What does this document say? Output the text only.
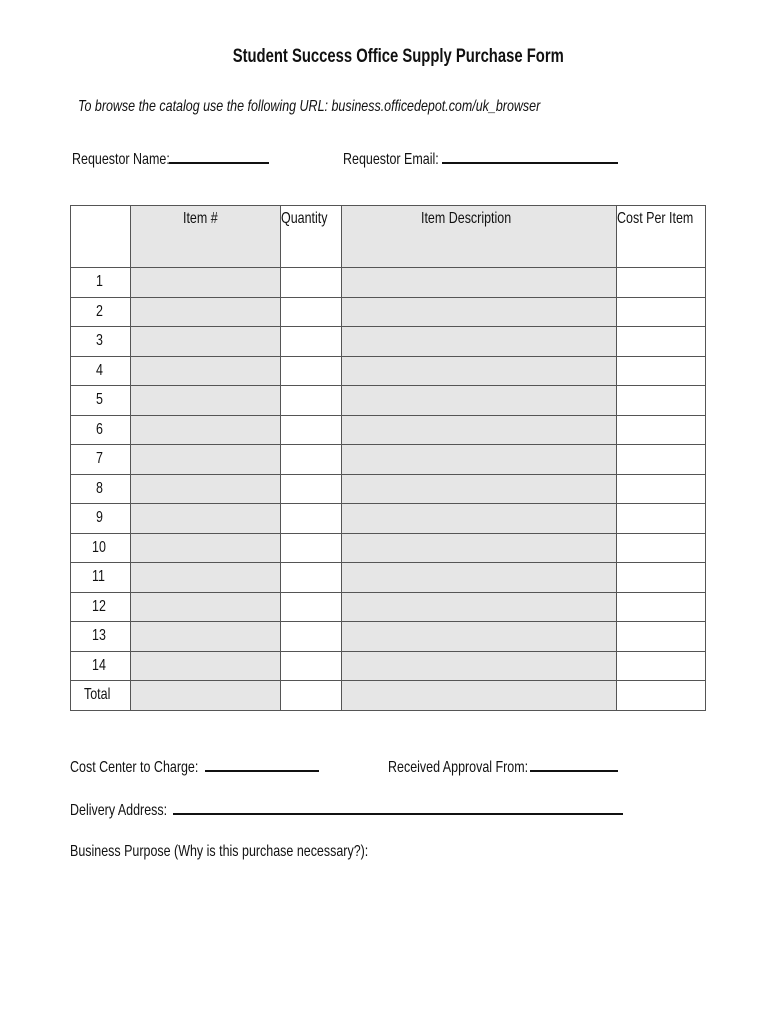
Student Success Office Supply Purchase Form
To browse the catalog use the following URL: business.officedepot.com/uk_browser
Requestor Name:	Requestor Email:
	Item #	Quantity	Item Description	Cost Per Item
1				
2				
3				
4				
5				
6				
7				
8				
9				
10				
11				
12				
13				
14				
Total				
Cost Center to Charge:	Received Approval From:
Delivery Address:
Business Purpose (Why is this purchase necessary?):
